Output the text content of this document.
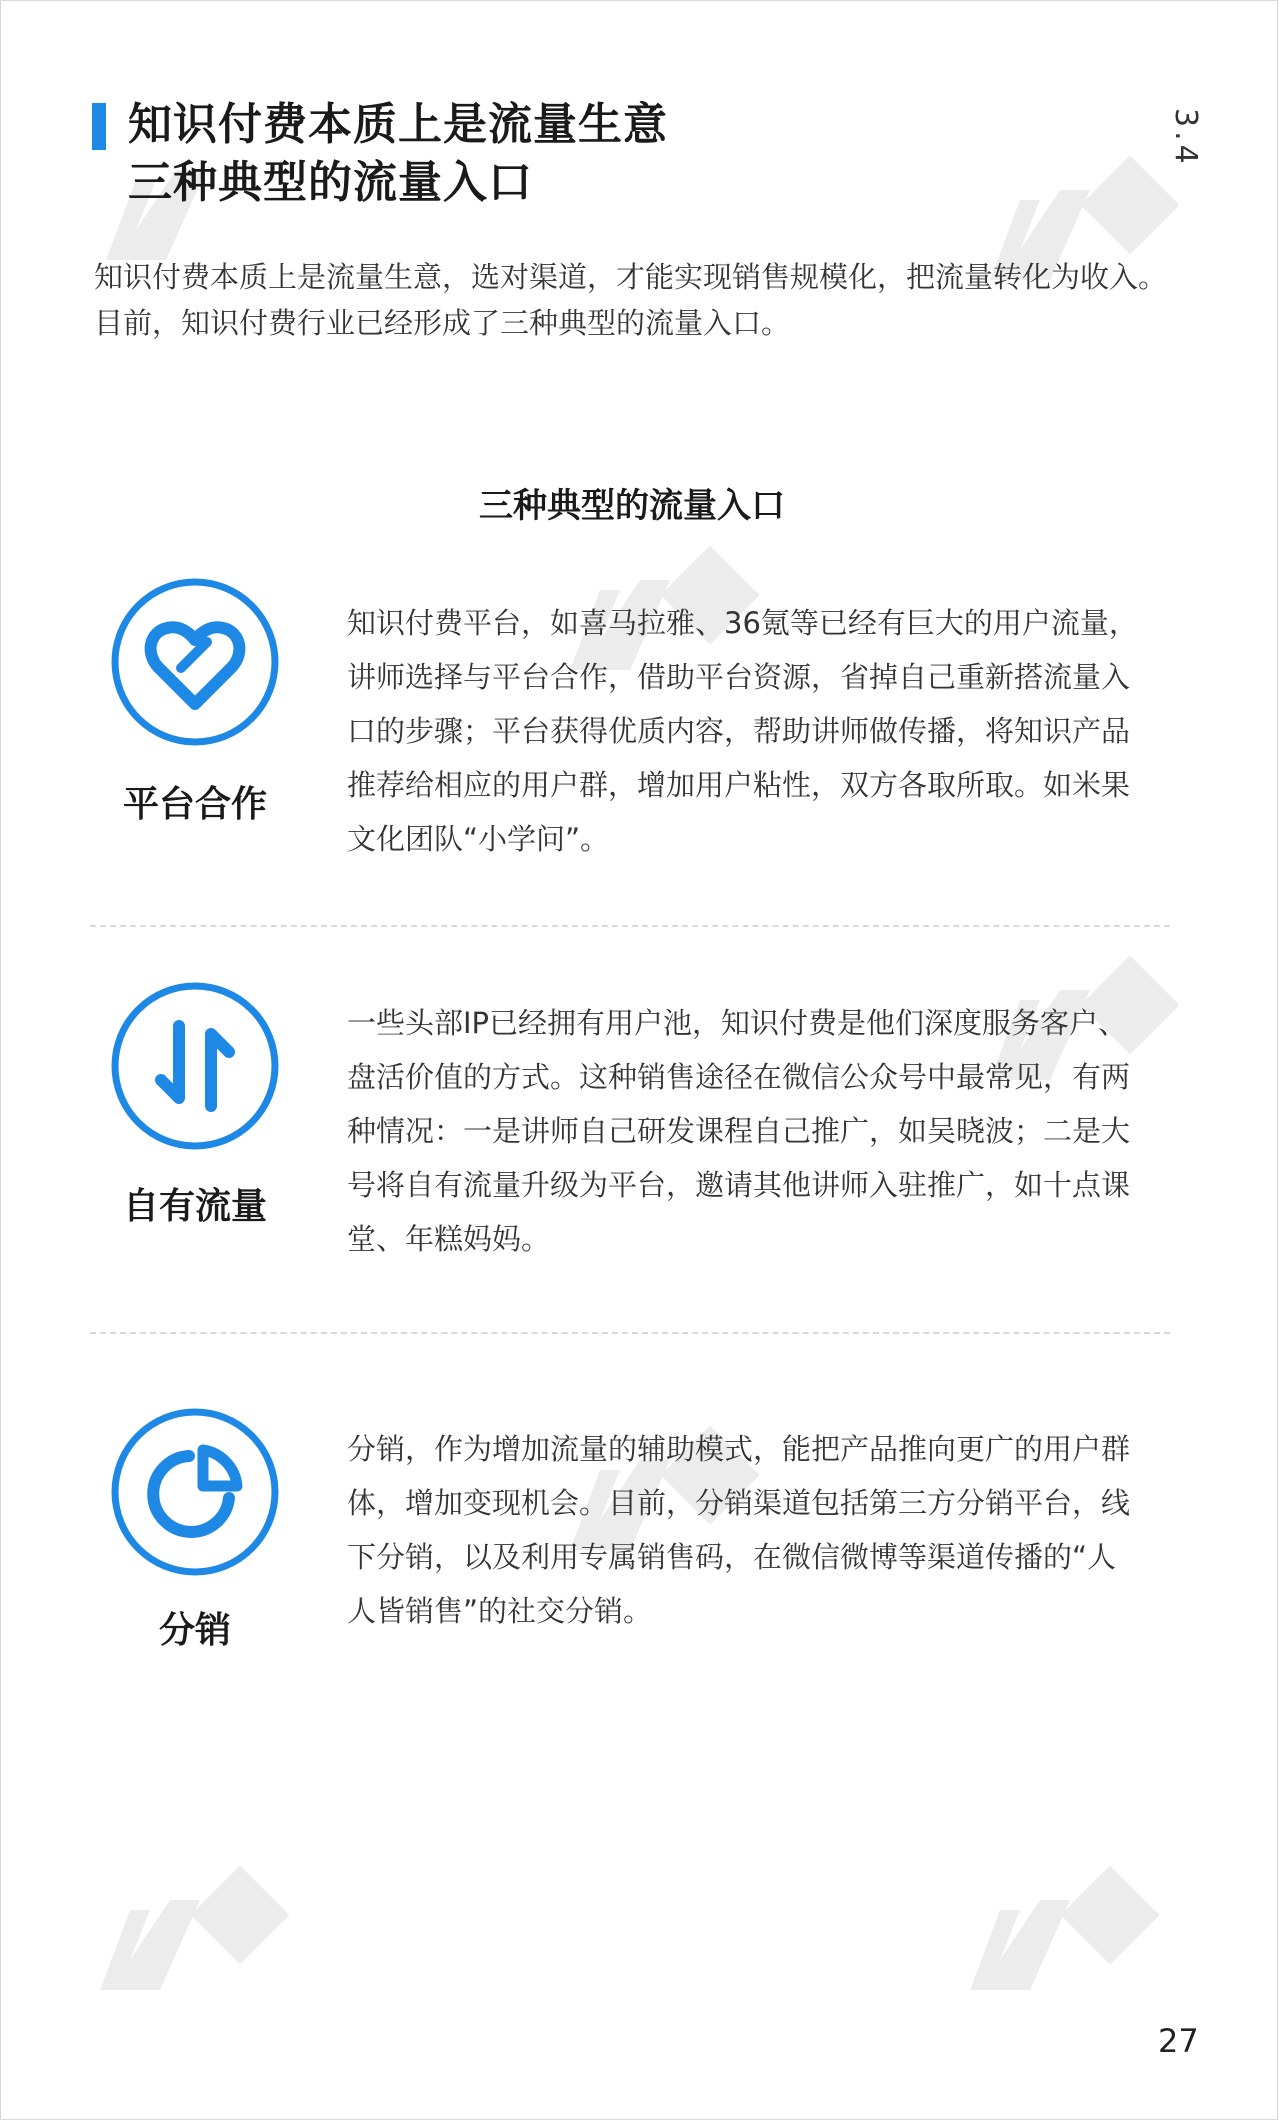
知识付费本质上是流量生意
三种典型的流量入口
3.4
知识付费本质上是流量生意，选对渠道，才能实现销售规模化，把流量转化为收入。
目前，知识付费行业已经形成了三种典型的流量入口。
三种典型的流量入口
平台合作
知识付费平台，如喜马拉雅、36氪等已经有巨大的用户流量，
讲师选择与平台合作，借助平台资源，省掉自己重新搭流量入
口的步骤；平台获得优质内容，帮助讲师做传播，将知识产品
推荐给相应的用户群，增加用户粘性，双方各取所取。如米果
文化团队“小学问”。
自有流量
一些头部IP已经拥有用户池，知识付费是他们深度服务客户、
盘活价值的方式。这种销售途径在微信公众号中最常见，有两
种情况：一是讲师自己研发课程自己推广，如吴晓波；二是大
号将自有流量升级为平台，邀请其他讲师入驻推广，如十点课
堂、年糕妈妈。
分销
分销，作为增加流量的辅助模式，能把产品推向更广的用户群
体，增加变现机会。目前，分销渠道包括第三方分销平台，线
下分销，以及利用专属销售码，在微信微博等渠道传播的“人
人皆销售”的社交分销。
27
